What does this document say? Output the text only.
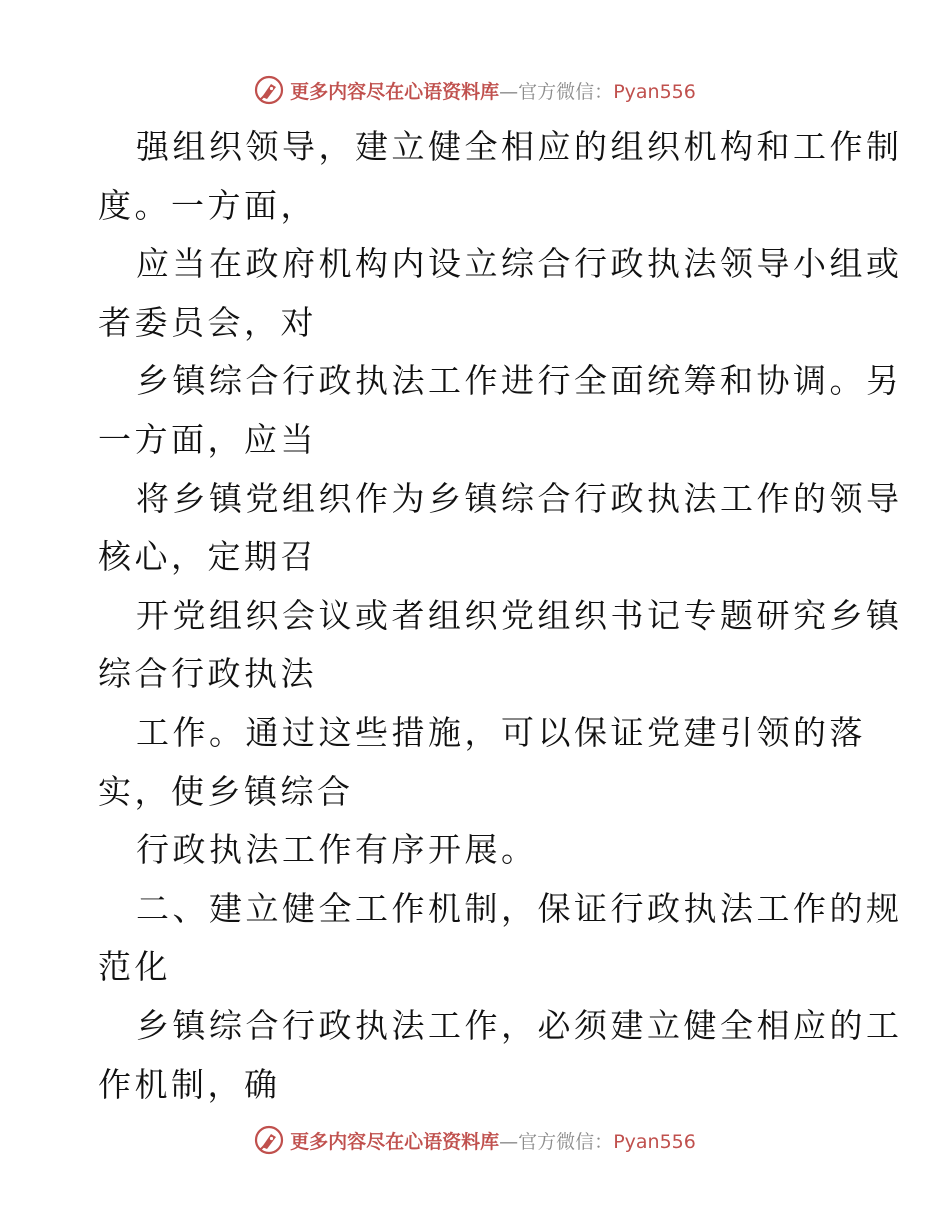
更多内容尽在心语资料库—官方微信：Pyan556
强组织领导，建立健全相应的组织机构和工作制
度。一方面，
应当在政府机构内设立综合行政执法领导小组或
者委员会，对
乡镇综合行政执法工作进行全面统筹和协调。另
一方面，应当
将乡镇党组织作为乡镇综合行政执法工作的领导
核心，定期召
开党组织会议或者组织党组织书记专题研究乡镇
综合行政执法
工作。通过这些措施，可以保证党建引领的落
实，使乡镇综合
行政执法工作有序开展。
二、建立健全工作机制，保证行政执法工作的规
范化
乡镇综合行政执法工作，必须建立健全相应的工
作机制，确
更多内容尽在心语资料库—官方微信：Pyan556
